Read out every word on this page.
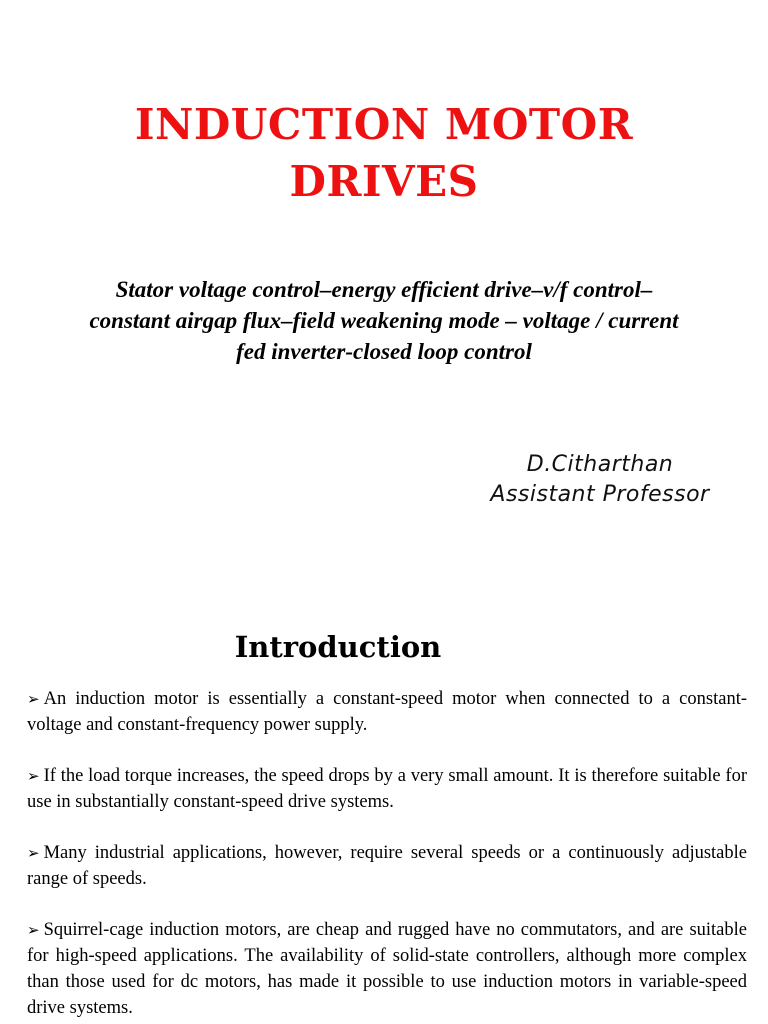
INDUCTION MOTOR
DRIVES

Stator voltage control–energy efficient drive–v/f control–
constant airgap flux–field weakening mode – voltage / current
fed inverter-closed loop control

D.Citharthan
Assistant Professor
Introduction
➢ An induction motor is essentially a constant-speed motor when connected to a constant-voltage and constant-frequency power supply.
➢ If the load torque increases, the speed drops by a very small amount. It is therefore suitable for use in substantially constant-speed drive systems.
➢ Many industrial applications, however, require several speeds or a continuously adjustable range of speeds.
➢ Squirrel-cage induction motors, are cheap and rugged have no commutators, and are suitable for high-speed applications. The availability of solid-state controllers, although more complex than those used for dc motors, has made it possible to use induction motors in variable-speed drive systems.
